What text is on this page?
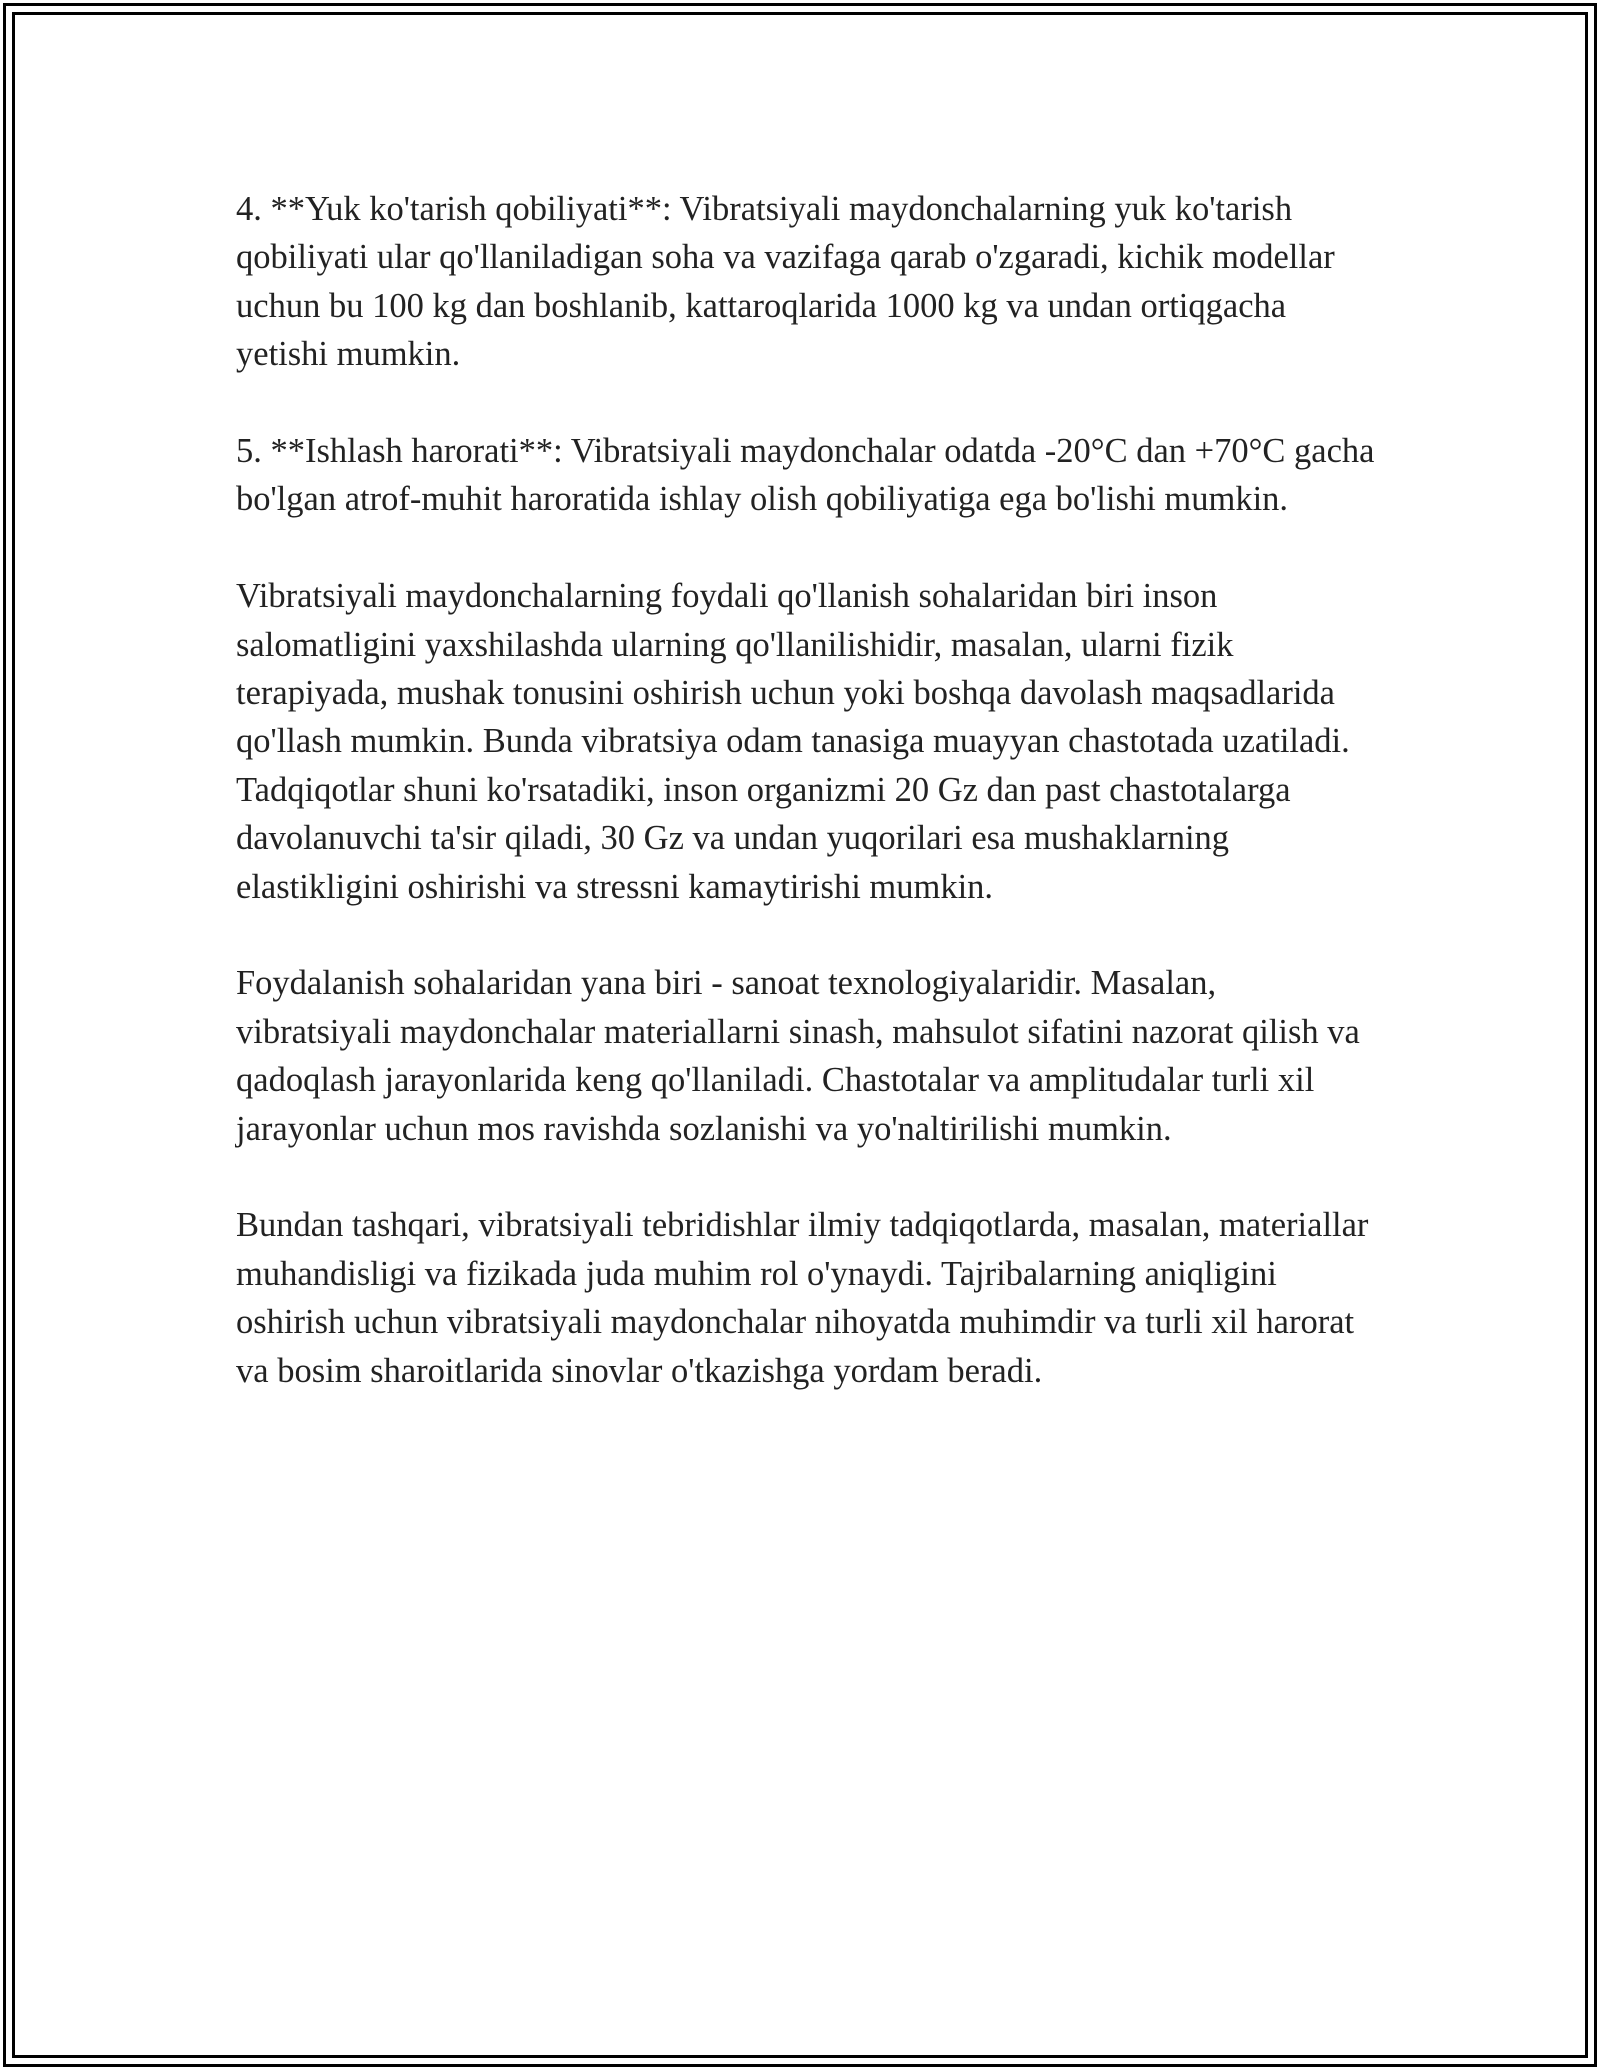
4. **Yuk ko'tarish qobiliyati**: Vibratsiyali maydonchalarning yuk ko'tarish qobiliyati ular qo'llaniladigan soha va vazifaga qarab o'zgaradi, kichik modellar uchun bu 100 kg dan boshlanib, kattaroqlarida 1000 kg va undan ortiqgacha yetishi mumkin.

5. **Ishlash harorati**: Vibratsiyali maydonchalar odatda -20°C dan +70°C gacha bo'lgan atrof-muhit haroratida ishlay olish qobiliyatiga ega bo'lishi mumkin.

Vibratsiyali maydonchalarning foydali qo'llanish sohalaridan biri inson salomatligini yaxshilashda ularning qo'llanilishidir, masalan, ularni fizik terapiyada, mushak tonusini oshirish uchun yoki boshqa davolash maqsadlarida qo'llash mumkin. Bunda vibratsiya odam tanasiga muayyan chastotada uzatiladi. Tadqiqotlar shuni ko'rsatadiki, inson organizmi 20 Gz dan past chastotalarga davolanuvchi ta'sir qiladi, 30 Gz va undan yuqorilari esa mushaklarning elastikligini oshirishi va stressni kamaytirishi mumkin.

Foydalanish sohalaridan yana biri - sanoat texnologiyalaridir. Masalan, vibratsiyali maydonchalar materiallarni sinash, mahsulot sifatini nazorat qilish va qadoqlash jarayonlarida keng qo'llaniladi. Chastotalar va amplitudalar turli xil jarayonlar uchun mos ravishda sozlanishi va yo'naltirilishi mumkin.

Bundan tashqari, vibratsiyali tebridishlar ilmiy tadqiqotlarda, masalan, materiallar muhandisligi va fizikada juda muhim rol o'ynaydi. Tajribalarning aniqligini oshirish uchun vibratsiyali maydonchalar nihoyatda muhimdir va turli xil harorat va bosim sharoitlarida sinovlar o'tkazishga yordam beradi.
